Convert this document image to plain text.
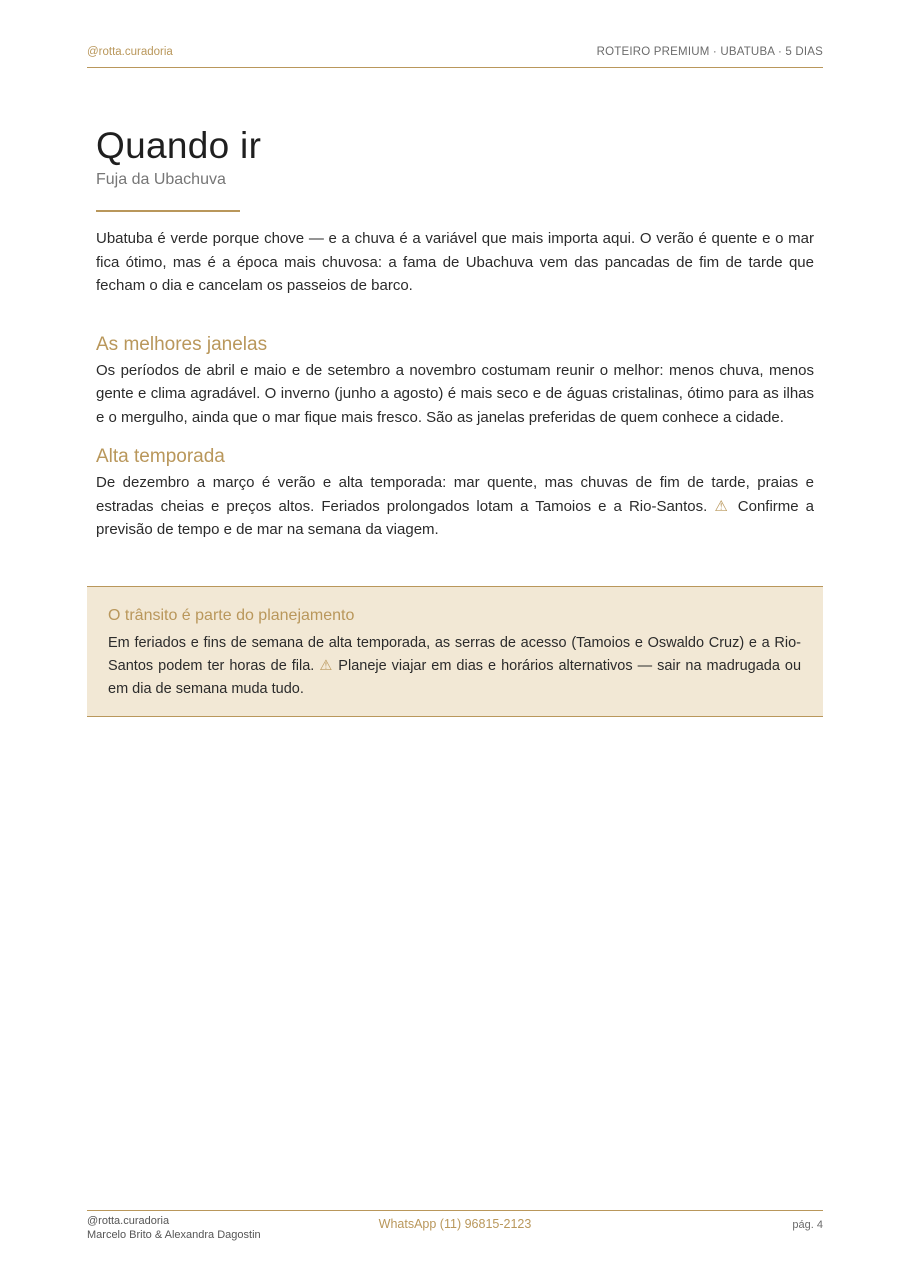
@rotta.curadoria	ROTEIRO PREMIUM · UBATUBA · 5 DIAS
Quando ir
Fuja da Ubachuva

Ubatuba é verde porque chove — e a chuva é a variável que mais importa aqui. O verão é quente e o mar fica ótimo, mas é a época mais chuvosa: a fama de Ubachuva vem das pancadas de fim de tarde que fecham o dia e cancelam os passeios de barco.

As melhores janelas

Os períodos de abril e maio e de setembro a novembro costumam reunir o melhor: menos chuva, menos gente e clima agradável. O inverno (junho a agosto) é mais seco e de águas cristalinas, ótimo para as ilhas e o mergulho, ainda que o mar fique mais fresco. São as janelas preferidas de quem conhece a cidade.

Alta temporada

De dezembro a março é verão e alta temporada: mar quente, mas chuvas de fim de tarde, praias e estradas cheias e preços altos. Feriados prolongados lotam a Tamoios e a Rio-Santos. ⚠ Confirme a previsão de tempo e de mar na semana da viagem.

O trânsito é parte do planejamento

Em feriados e fins de semana de alta temporada, as serras de acesso (Tamoios e Oswaldo Cruz) e a Rio-Santos podem ter horas de fila. ⚠ Planeje viajar em dias e horários alternativos — sair na madrugada ou em dia de semana muda tudo.

@rotta.curadoria
Marcelo Brito & Alexandra Dagostin
WhatsApp (11) 96815-2123	pág. 4
